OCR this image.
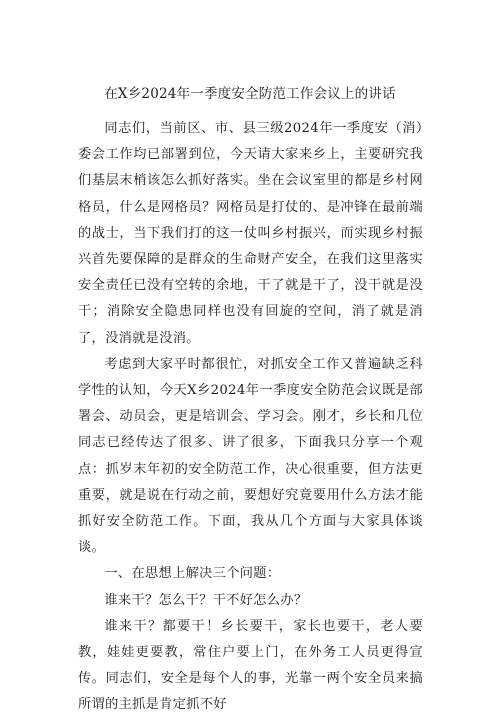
在X乡2024年一季度安全防范工作会议上的讲话

同志们，当前区、市、县三级2024年一季度安（消）委会工作均已部署到位，今天请大家来乡上，主要研究我们基层末梢该怎么抓好落实。坐在会议室里的都是乡村网格员，什么是网格员？网格员是打仗的、是冲锋在最前端的战士，当下我们打的这一仗叫乡村振兴，而实现乡村振兴首先要保障的是群众的生命财产安全，在我们这里落实安全责任已没有空转的余地，干了就是干了，没干就是没干；消除安全隐患同样也没有回旋的空间，消了就是消了，没消就是没消。

考虑到大家平时都很忙，对抓安全工作又普遍缺乏科学性的认知，今天X乡2024年一季度安全防范会议既是部署会、动员会，更是培训会、学习会。刚才，乡长和几位同志已经传达了很多、讲了很多，下面我只分享一个观点：抓岁末年初的安全防范工作，决心很重要，但方法更重要，就是说在行动之前，要想好究竟要用什么方法才能抓好安全防范工作。下面，我从几个方面与大家具体谈谈。

一、在思想上解决三个问题：

谁来干？怎么干？干不好怎么办？

谁来干？都要干！乡长要干，家长也要干，老人要教，娃娃更要教，常住户要上门，在外务工人员更得宣传。同志们，安全是每个人的事，光靠一两个安全员来搞所谓的主抓是肯定抓不好
